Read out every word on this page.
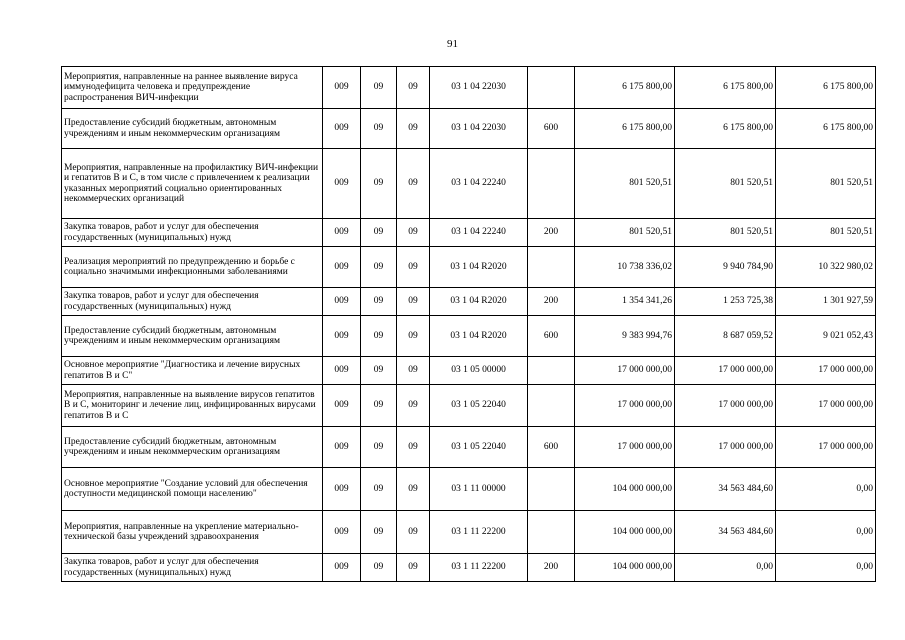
91
Мероприятия, направленные на раннее выявление вируса иммунодефицита человека и предупреждение распространения ВИЧ-инфекции	009	09	09	03 1 04 22030		6 175 800,00	6 175 800,00	6 175 800,00
Предоставление субсидий бюджетным, автономным учреждениям и иным некоммерческим организациям	009	09	09	03 1 04 22030	600	6 175 800,00	6 175 800,00	6 175 800,00
Мероприятия, направленные на профилактику ВИЧ-инфекции и гепатитов В и С, в том числе с привлечением к реализации указанных мероприятий социально ориентированных некоммерческих организаций	009	09	09	03 1 04 22240		801 520,51	801 520,51	801 520,51
Закупка товаров, работ и услуг для обеспечения государственных (муниципальных) нужд	009	09	09	03 1 04 22240	200	801 520,51	801 520,51	801 520,51
Реализация мероприятий по предупреждению и борьбе с социально значимыми инфекционными заболеваниями	009	09	09	03 1 04 R2020		10 738 336,02	9 940 784,90	10 322 980,02
Закупка товаров, работ и услуг для обеспечения государственных (муниципальных) нужд	009	09	09	03 1 04 R2020	200	1 354 341,26	1 253 725,38	1 301 927,59
Предоставление субсидий бюджетным, автономным учреждениям и иным некоммерческим организациям	009	09	09	03 1 04 R2020	600	9 383 994,76	8 687 059,52	9 021 052,43
Основное мероприятие "Диагностика и лечение вирусных гепатитов В и С"	009	09	09	03 1 05 00000		17 000 000,00	17 000 000,00	17 000 000,00
Мероприятия, направленные на выявление вирусов гепатитов В и С, мониторинг и лечение лиц, инфицированных вирусами гепатитов В и С	009	09	09	03 1 05 22040		17 000 000,00	17 000 000,00	17 000 000,00
Предоставление субсидий бюджетным, автономным учреждениям и иным некоммерческим организациям	009	09	09	03 1 05 22040	600	17 000 000,00	17 000 000,00	17 000 000,00
Основное мероприятие "Создание условий для обеспечения доступности медицинской помощи населению"	009	09	09	03 1 11 00000		104 000 000,00	34 563 484,60	0,00
Мероприятия, направленные на укрепление материально-технической базы учреждений здравоохранения	009	09	09	03 1 11 22200		104 000 000,00	34 563 484,60	0,00
Закупка товаров, работ и услуг для обеспечения государственных (муниципальных) нужд	009	09	09	03 1 11 22200	200	104 000 000,00	0,00	0,00
